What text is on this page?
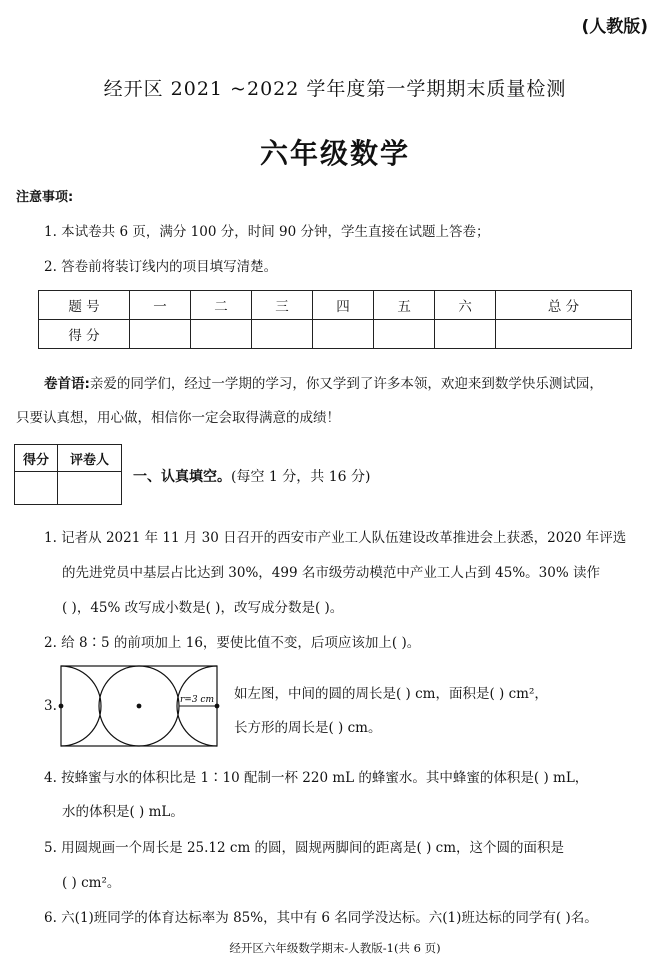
(人教版)
经开区 2021 ~2022 学年度第一学期期末质量检测
六年级数学
注意事项:
1. 本试卷共 6 页，满分 100 分，时间 90 分钟，学生直接在试题上答卷；
2. 答卷前将装订线内的项目填写清楚。
题 号	一	二	三	四	五	六	总 分
得 分							
卷首语:亲爱的同学们，经过一学期的学习，你又学到了许多本领，欢迎来到数学快乐测试园，
只要认真想，用心做，相信你一定会取得满意的成绩！
得分	评卷人

一、认真填空。(每空 1 分，共 16 分)
1. 记者从 2021 年 11 月 30 日召开的西安市产业工人队伍建设改革推进会上获悉，2020 年评选
的先进党员中基层占比达到 30%，499 名市级劳动模范中产业工人占到 45%。30% 读作
( )，45% 改写成小数是( )，改写成分数是( )。
2. 给 8∶5 的前项加上 16，要使比值不变，后项应该加上( )。
3.	r=3 cm 如左图，中间的圆的周长是( ) cm，面积是( ) cm²，
长方形的周长是( ) cm。
4. 按蜂蜜与水的体积比是 1∶10 配制一杯 220 mL 的蜂蜜水。其中蜂蜜的体积是( ) mL，
水的体积是( ) mL。
5. 用圆规画一个周长是 25.12 cm 的圆，圆规两脚间的距离是( ) cm，这个圆的面积是
( ) cm²。
6. 六(1)班同学的体育达标率为 85%，其中有 6 名同学没达标。六(1)班达标的同学有( )名。
经开区六年级数学期末-人教版-1(共 6 页)
